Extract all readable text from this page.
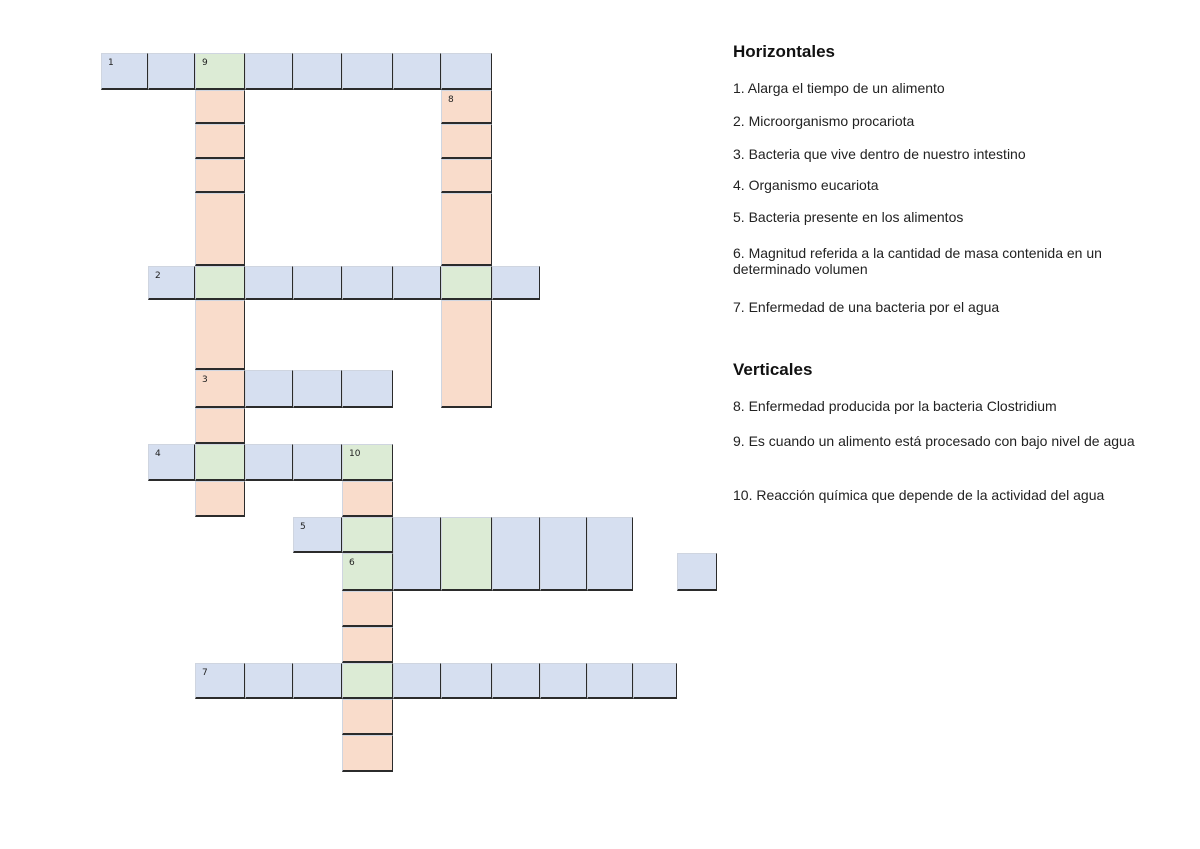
1	9
8
2
3
4	10
5
6
7
Horizontales
1. Alarga el tiempo de un alimento
2. Microorganismo procariota
3. Bacteria que vive dentro de nuestro intestino
4. Organismo eucariota
5. Bacteria presente en los alimentos
6. Magnitud referida a la cantidad de masa contenida en un determinado volumen
7. Enfermedad de una bacteria por el agua
Verticales
8. Enfermedad producida por la bacteria Clostridium
9. Es cuando un alimento está procesado con bajo nivel de agua
10. Reacción química que depende de la actividad del agua
